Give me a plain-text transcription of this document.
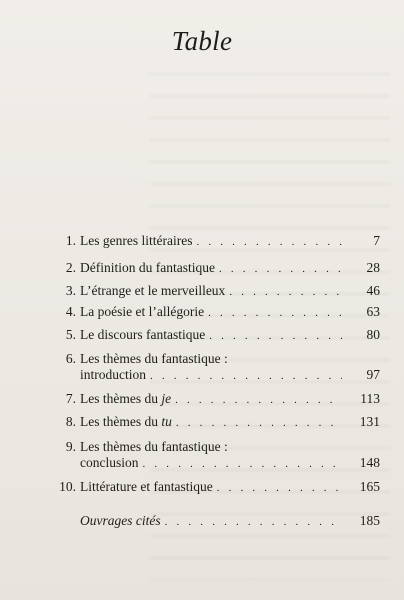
Table
1. Les genres littéraires . . .	7
2. Définition du fantastique . . .	28
3. L’étrange et le merveilleux . . .	46
4. La poésie et l’allégorie . . .	63
5. Le discours fantastique . . .	80
6. Les thèmes du fantastique :
introduction . . .	97
7. Les thèmes du je . . .	113
8. Les thèmes du tu . . .	131
9. Les thèmes du fantastique :
conclusion . . .	148
10. Littérature et fantastique . . .	165
Ouvrages cités . . .	185
